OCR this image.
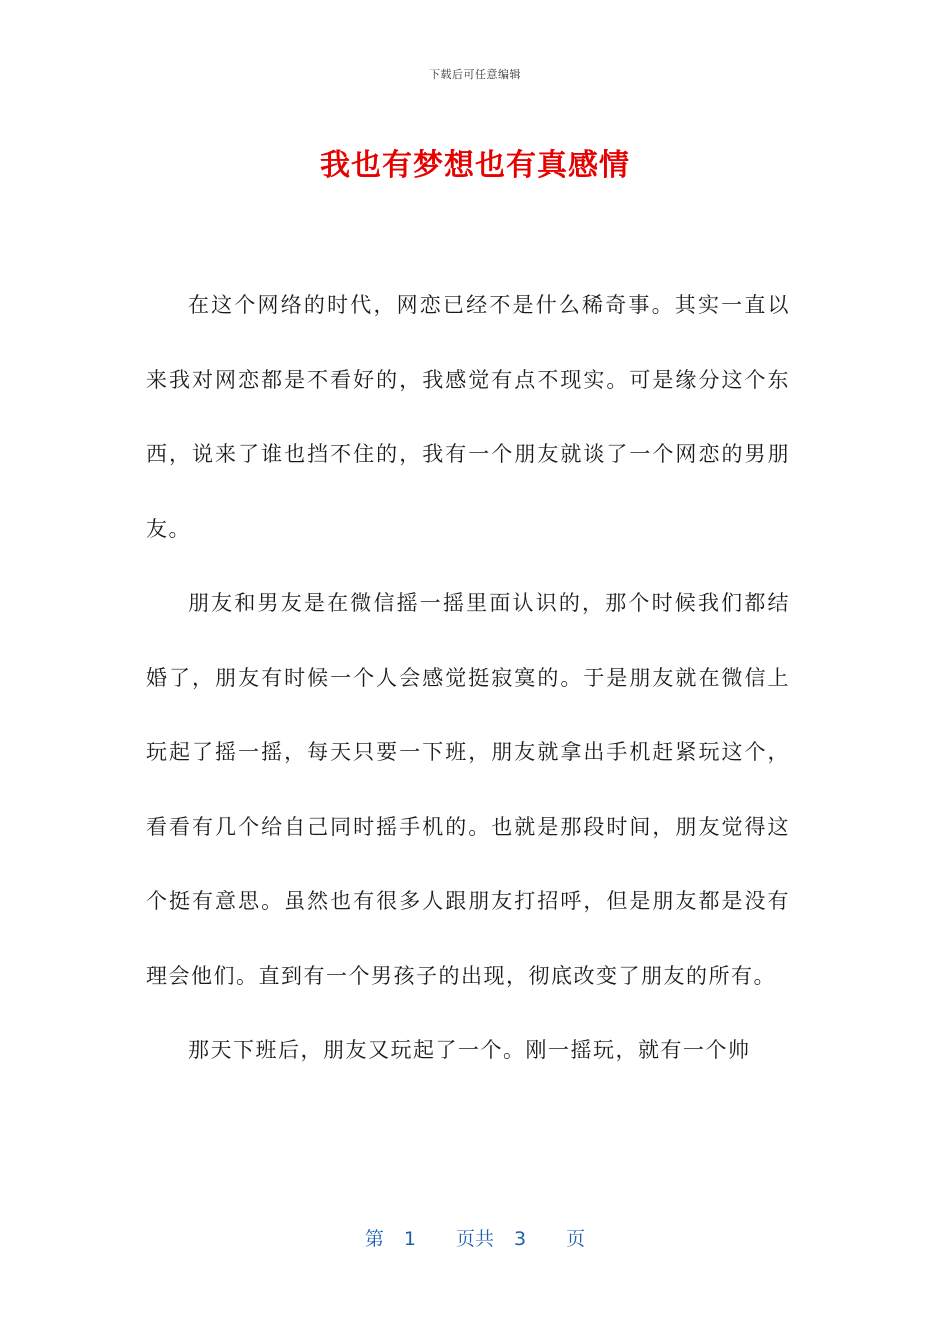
下载后可任意编辑
我也有梦想也有真感情

在这个网络的时代，网恋已经不是什么稀奇事。其实一直以来我对网恋都是不看好的，我感觉有点不现实。可是缘分这个东西，说来了谁也挡不住的，我有一个朋友就谈了一个网恋的男朋友。

朋友和男友是在微信摇一摇里面认识的，那个时候我们都结婚了，朋友有时候一个人会感觉挺寂寞的。于是朋友就在微信上玩起了摇一摇，每天只要一下班，朋友就拿出手机赶紧玩这个，看看有几个给自己同时摇手机的。也就是那段时间，朋友觉得这个挺有意思。虽然也有很多人跟朋友打招呼，但是朋友都是没有理会他们。直到有一个男孩子的出现，彻底改变了朋友的所有。

那天下班后，朋友又玩起了一个。刚一摇玩，就有一个帅

第 1 页共 3 页
